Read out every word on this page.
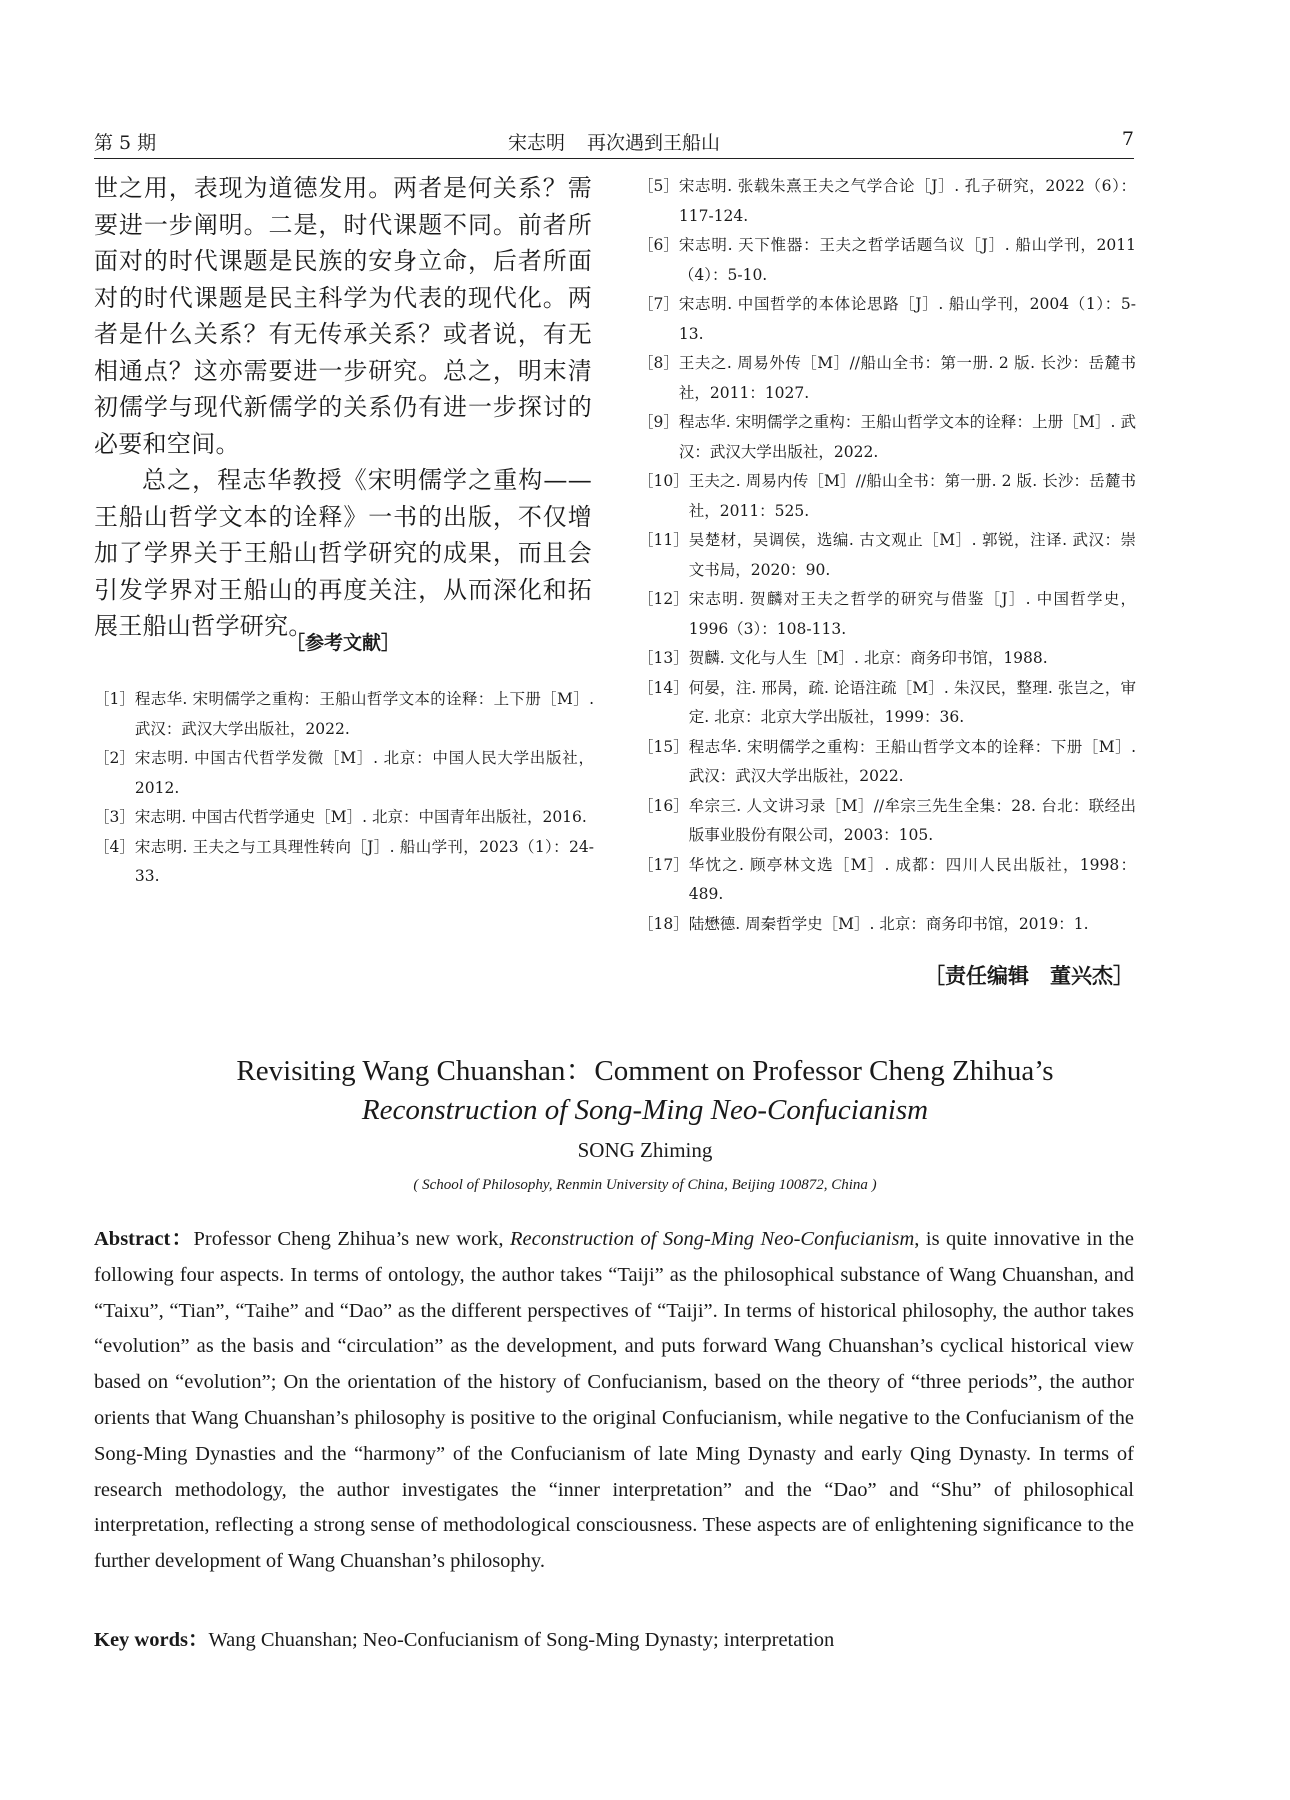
第 5 期	宋志明 再次遇到王船山	7

世之用，表现为道德发用。两者是何关系？需要进一步阐明。二是，时代课题不同。前者所面对的时代课题是民族的安身立命，后者所面对的时代课题是民主科学为代表的现代化。两者是什么关系？有无传承关系？或者说，有无相通点？这亦需要进一步研究。总之，明末清初儒学与现代新儒学的关系仍有进一步探讨的必要和空间。

总之，程志华教授《宋明儒学之重构——王船山哲学文本的诠释》一书的出版，不仅增加了学界关于王船山哲学研究的成果，而且会引发学界对王船山的再度关注，从而深化和拓展王船山哲学研究。

［参考文献］
［1］ 程志华. 宋明儒学之重构：王船山哲学文本的诠释：上下册［M］. 武汉：武汉大学出版社，2022.
［2］ 宋志明. 中国古代哲学发微［M］. 北京：中国人民大学出版社，2012.
［3］ 宋志明. 中国古代哲学通史［M］. 北京：中国青年出版社，2016.
［4］ 宋志明. 王夫之与工具理性转向［J］. 船山学刊，2023（1）：24-33.
［5］ 宋志明. 张载朱熹王夫之气学合论［J］. 孔子研究，2022（6）：117-124.
［6］ 宋志明. 天下惟器：王夫之哲学话题刍议［J］. 船山学刊，2011（4）：5-10.
［7］ 宋志明. 中国哲学的本体论思路［J］. 船山学刊，2004（1）：5-13.
［8］ 王夫之. 周易外传［M］//船山全书：第一册. 2 版. 长沙：岳麓书社，2011：1027.
［9］ 程志华. 宋明儒学之重构：王船山哲学文本的诠释：上册［M］. 武汉：武汉大学出版社，2022.
［10］ 王夫之. 周易内传［M］//船山全书：第一册. 2 版. 长沙：岳麓书社，2011：525.
［11］ 吴楚材，吴调侯，选编. 古文观止［M］. 郭锐，注译. 武汉：崇文书局，2020：90.
［12］ 宋志明. 贺麟对王夫之哲学的研究与借鉴［J］. 中国哲学史，1996（3）：108-113.
［13］ 贺麟. 文化与人生［M］. 北京：商务印书馆，1988.
［14］ 何晏，注. 邢昺，疏. 论语注疏［M］. 朱汉民，整理. 张岂之，审定. 北京：北京大学出版社，1999：36.
［15］ 程志华. 宋明儒学之重构：王船山哲学文本的诠释：下册［M］. 武汉：武汉大学出版社，2022.
［16］ 牟宗三. 人文讲习录［M］//牟宗三先生全集：28. 台北：联经出版事业股份有限公司，2003：105.
［17］ 华忱之. 顾亭林文选［M］. 成都：四川人民出版社，1998：489.
［18］ 陆懋德. 周秦哲学史［M］. 北京：商务印书馆，2019：1.
［责任编辑　董兴杰］
Revisiting Wang Chuanshan：Comment on Professor Cheng Zhihua’s
Reconstruction of Song-Ming Neo-Confucianism
SONG Zhiming
( School of Philosophy, Renmin University of China, Beijing 100872, China )

Abstract：Professor Cheng Zhihua’s new work, Reconstruction of Song-Ming Neo-Confucianism, is quite innovative in the following four aspects. In terms of ontology, the author takes “Taiji” as the philosophical substance of Wang Chuanshan, and “Taixu”, “Tian”, “Taihe” and “Dao” as the different perspectives of “Taiji”. In terms of historical philosophy, the author takes “evolution” as the basis and “circulation” as the development, and puts forward Wang Chuanshan’s cyclical historical view based on “evolution”; On the orientation of the history of Confucianism, based on the theory of “three periods”, the author orients that Wang Chuanshan’s philosophy is positive to the original Confucianism, while negative to the Confucianism of the Song-Ming Dynasties and the “harmony” of the Confucianism of late Ming Dynasty and early Qing Dynasty. In terms of research methodology, the author investigates the “inner interpretation” and the “Dao” and “Shu” of philosophical interpretation, reflecting a strong sense of methodological consciousness. These aspects are of enlightening significance to the further development of Wang Chuanshan’s philosophy.

Key words：Wang Chuanshan; Neo-Confucianism of Song-Ming Dynasty; interpretation
